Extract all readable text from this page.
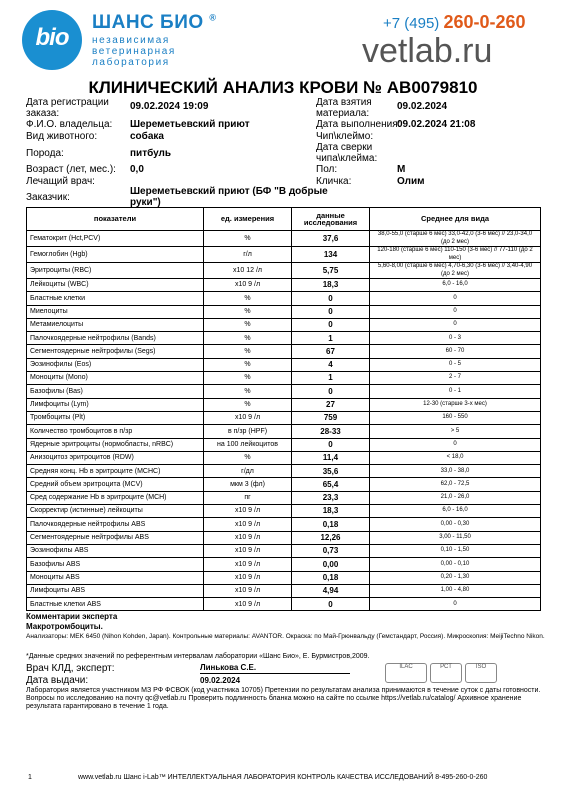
bio
ШАНС БИО ®
независимая
ветеринарная
лаборатория
+7 (495) 260-0-260
vetlab.ru
КЛИНИЧЕСКИЙ АНАЛИЗ КРОВИ № AB0079810
Дата регистрации заказа:
09.02.2024 19:09
Ф.И.О. владельца: Шереметьевский приют
Вид животного:	собака
Порода:	питбуль
Возраст (лет, мес.): 0,0
Лечащий врач:
Заказчик:
Шереметьевский приют (БФ "В добрые руки")
Дата взятия материала:
09.02.2024
Дата выполнения:
09.02.2024 21:08
Чип\клеймо:
Дата сверки чипа\клейма:
Пол:	М
Кличка:	Олим
показатели	ед. измерения	данные исследования	Среднее для вида
Гематокрит (Hct,PCV)	%	37,6	38,0-55,0 (старше 6 мес) 33,0-42,0 (3-6 мес) // 23,0-34,0 (до 2 мес)
Гемоглобин (Hgb)	г/л	134	120-180 (старше 6 мес) 110-150 (3-6 мес) // 77-110 (до 2 мес)
Эритроциты (RBC)	x10 12 /л	5,75	5,60-8,00 (старше 6 мес) 4,70-6,30 (3-6 мес) // 3,40-4,90 (до 2 мес)
Лейкоциты (WBC)	x10 9 /л	18,3	6,0 - 16,0
Бластные клетки	%	0	0
Миелоциты	%	0	0
Метамиелоциты	%	0	0
Палочкоядерные нейтрофилы (Bands)	%	1	0 - 3
Сегментоядерные нейтрофилы (Segs)	%	67	60 - 70
Эозинофилы (Eos)	%	4	0 - 5
Моноциты (Mono)	%	1	2 - 7
Базофилы (Bas)	%	0	0 - 1
Лимфоциты (Lym)	%	27	12-30 (старше 3-х мес)
Тромбоциты (Plt)	x10 9 /л	759	160 - 550
Количество тромбоцитов в п/зр	в п/зр (HPF)	28-33	> 5
Ядерные эритроциты (нормобласты, nRBC)	на 100 лейкоцитов	0	0
Анизоцитоз эритроцитов (RDW)	%	11,4	< 18,0
Средняя конц. Hb в эритроците (MCHC)	г/дл	35,6	33,0 - 38,0
Средний объем эритроцита (MCV)	мкм 3 (фл)	65,4	62,0 - 72,5
Сред содержание Hb в эритроците (MCH)	пг	23,3	21,0 - 26,0
Скорректир (истинные) лейкоциты	x10 9 /л	18,3	6,0 - 16,0
Палочкоядерные нейтрофилы ABS	x10 9 /л	0,18	0,00 - 0,30
Сегментоядерные нейтрофилы ABS	x10 9 /л	12,26	3,00 - 11,50
Эозинофилы ABS	x10 9 /л	0,73	0,10 - 1,50
Базофилы ABS	x10 9 /л	0,00	0,00 - 0,10
Моноциты ABS	x10 9 /л	0,18	0,20 - 1,30
Лимфоциты ABS	x10 9 /л	4,94	1,00 - 4,80
Бластные клетки ABS	x10 9 /л	0	0
Комментарии эксперта
Макротромбоциты.
Анализаторы: MEK 6450 (Nihon Kohden, Japan). Контрольные материалы: AVANTOR. Окраска: по Май-Грюнвальду (Гемстандарт, Россия). Микроскопия: MeijiTechno Nikon.
*Данные средних значений по референтным интервалам лаборатории «Шанс Био», Е. Бурмистров,2009.
Врач КЛД, эксперт:	Линькова С.Е.
Дата выдачи:	09.02.2024
ILAC	РСТ	ISO
Лаборатория является участником МЗ РФ ФСВОК (код участника 10705) Претензии по результатам анализа принимаются в течение суток с даты готовности. Вопросы по исследованию на почту qc@vetlab.ru Проверить подлинность бланка можно на сайте по ссылке https://vetlab.ru/catalog/ Архивное хранение результата гарантировано в течение 1 года.
1	www.vetlab.ru Шанс i-Lab™ ИНТЕЛЛЕКТУАЛЬНАЯ ЛАБОРАТОРИЯ КОНТРОЛЬ КАЧЕСТВА ИССЛЕДОВАНИЙ 8-495-260-0-260
